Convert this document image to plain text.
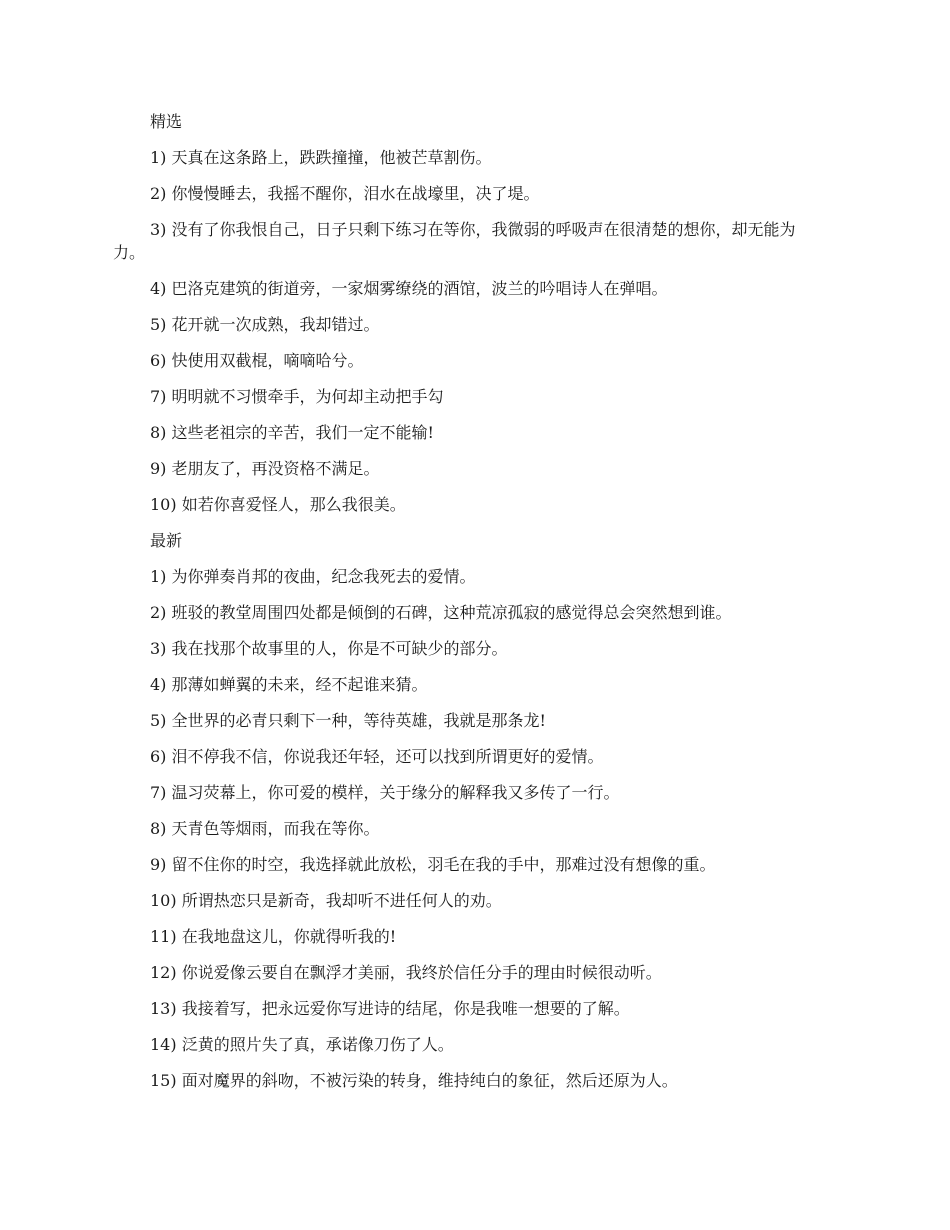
精选

1) 天真在这条路上，跌跌撞撞，他被芒草割伤。

2) 你慢慢睡去，我摇不醒你，泪水在战壕里，决了堤。

3) 没有了你我恨自己，日子只剩下练习在等你，我微弱的呼吸声在很清楚的想你，却无能为力。

4) 巴洛克建筑的街道旁，一家烟雾缭绕的酒馆，波兰的吟唱诗人在弹唱。

5) 花开就一次成熟，我却错过。

6) 快使用双截棍，嘀嘀哈兮。

7) 明明就不习惯牵手，为何却主动把手勾

8) 这些老祖宗的辛苦，我们一定不能输!

9) 老朋友了，再没资格不满足。

10) 如若你喜爱怪人，那么我很美。

最新

1) 为你弹奏肖邦的夜曲，纪念我死去的爱情。

2) 班驳的教堂周围四处都是倾倒的石碑，这种荒凉孤寂的感觉得总会突然想到谁。

3) 我在找那个故事里的人，你是不可缺少的部分。

4) 那薄如蝉翼的未来，经不起谁来猜。

5) 全世界的必青只剩下一种，等待英雄，我就是那条龙!

6) 泪不停我不信，你说我还年轻，还可以找到所谓更好的爱情。

7) 温习荧幕上，你可爱的模样，关于缘分的解释我又多传了一行。

8) 天青色等烟雨，而我在等你。

9) 留不住你的时空，我选择就此放松，羽毛在我的手中，那难过没有想像的重。

10) 所谓热恋只是新奇，我却听不进任何人的劝。

11) 在我地盘这儿，你就得听我的!

12) 你说爱像云要自在飘浮才美丽，我终於信任分手的理由时候很动听。

13) 我接着写，把永远爱你写进诗的结尾，你是我唯一想要的了解。

14) 泛黄的照片失了真，承诺像刀伤了人。

15) 面对魔界的斜吻，不被污染的转身，维持纯白的象征，然后还原为人。
